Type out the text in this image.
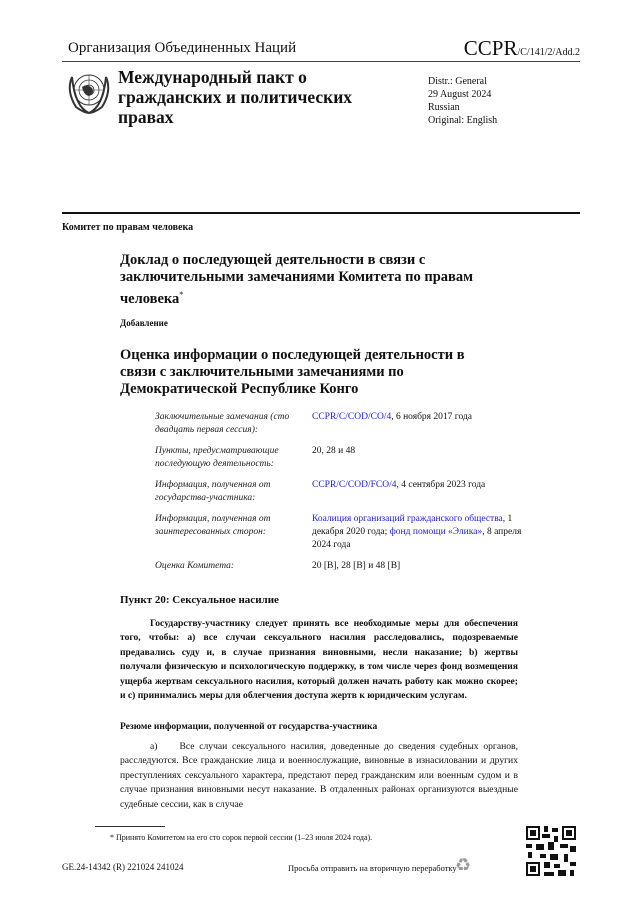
Организация Объединенных Наций	CCPR/C/141/2/Add.2
Международный пакт о гражданских и политических правах
Distr.: General
29 August 2024
Russian
Original: English
Комитет по правам человека
Доклад о последующей деятельности в связи с заключительными замечаниями Комитета по правам человека*
Добавление
Оценка информации о последующей деятельности в связи с заключительными замечаниями по Демократической Республике Конго
Заключительные замечания (сто двадцать первая сессия):
CCPR/C/COD/CO/4, 6 ноября 2017 года
Пункты, предусматривающие последующую деятельность:
20, 28 и 48
Информация, полученная от государства-участника:
CCPR/C/COD/FCO/4, 4 сентября 2023 года
Информация, полученная от заинтересованных сторон:
Коалиция организаций гражданского общества, 1 декабря 2020 года; фонд помощи «Элика», 8 апреля 2024 года
Оценка Комитета:	20 [B], 28 [B] и 48 [B]
Пункт 20: Сексуальное насилие
Государству-участнику следует принять все необходимые меры для обеспечения того, чтобы: a) все случаи сексуального насилия расследовались, подозреваемые предавались суду и, в случае признания виновными, несли наказание; b) жертвы получали физическую и психологическую поддержку, в том числе через фонд возмещения ущерба жертвам сексуального насилия, который должен начать работу как можно скорее; и c) принимались меры для облегчения доступа жертв к юридическим услугам.
Резюме информации, полученной от государства-участника
a) Все случаи сексуального насилия, доведенные до сведения судебных органов, расследуются. Все гражданские лица и военнослужащие, виновные в изнасиловании и других преступлениях сексуального характера, предстают перед гражданским или военным судом и в случае признания виновными несут наказание. В отдаленных районах организуются выездные судебные сессии, как в случае
* Принято Комитетом на его сто сорок первой сессии (1–23 июля 2024 года).
GE.24-14342 (R) 221024 241024	Просьба отправить на вторичную переработку
♻
